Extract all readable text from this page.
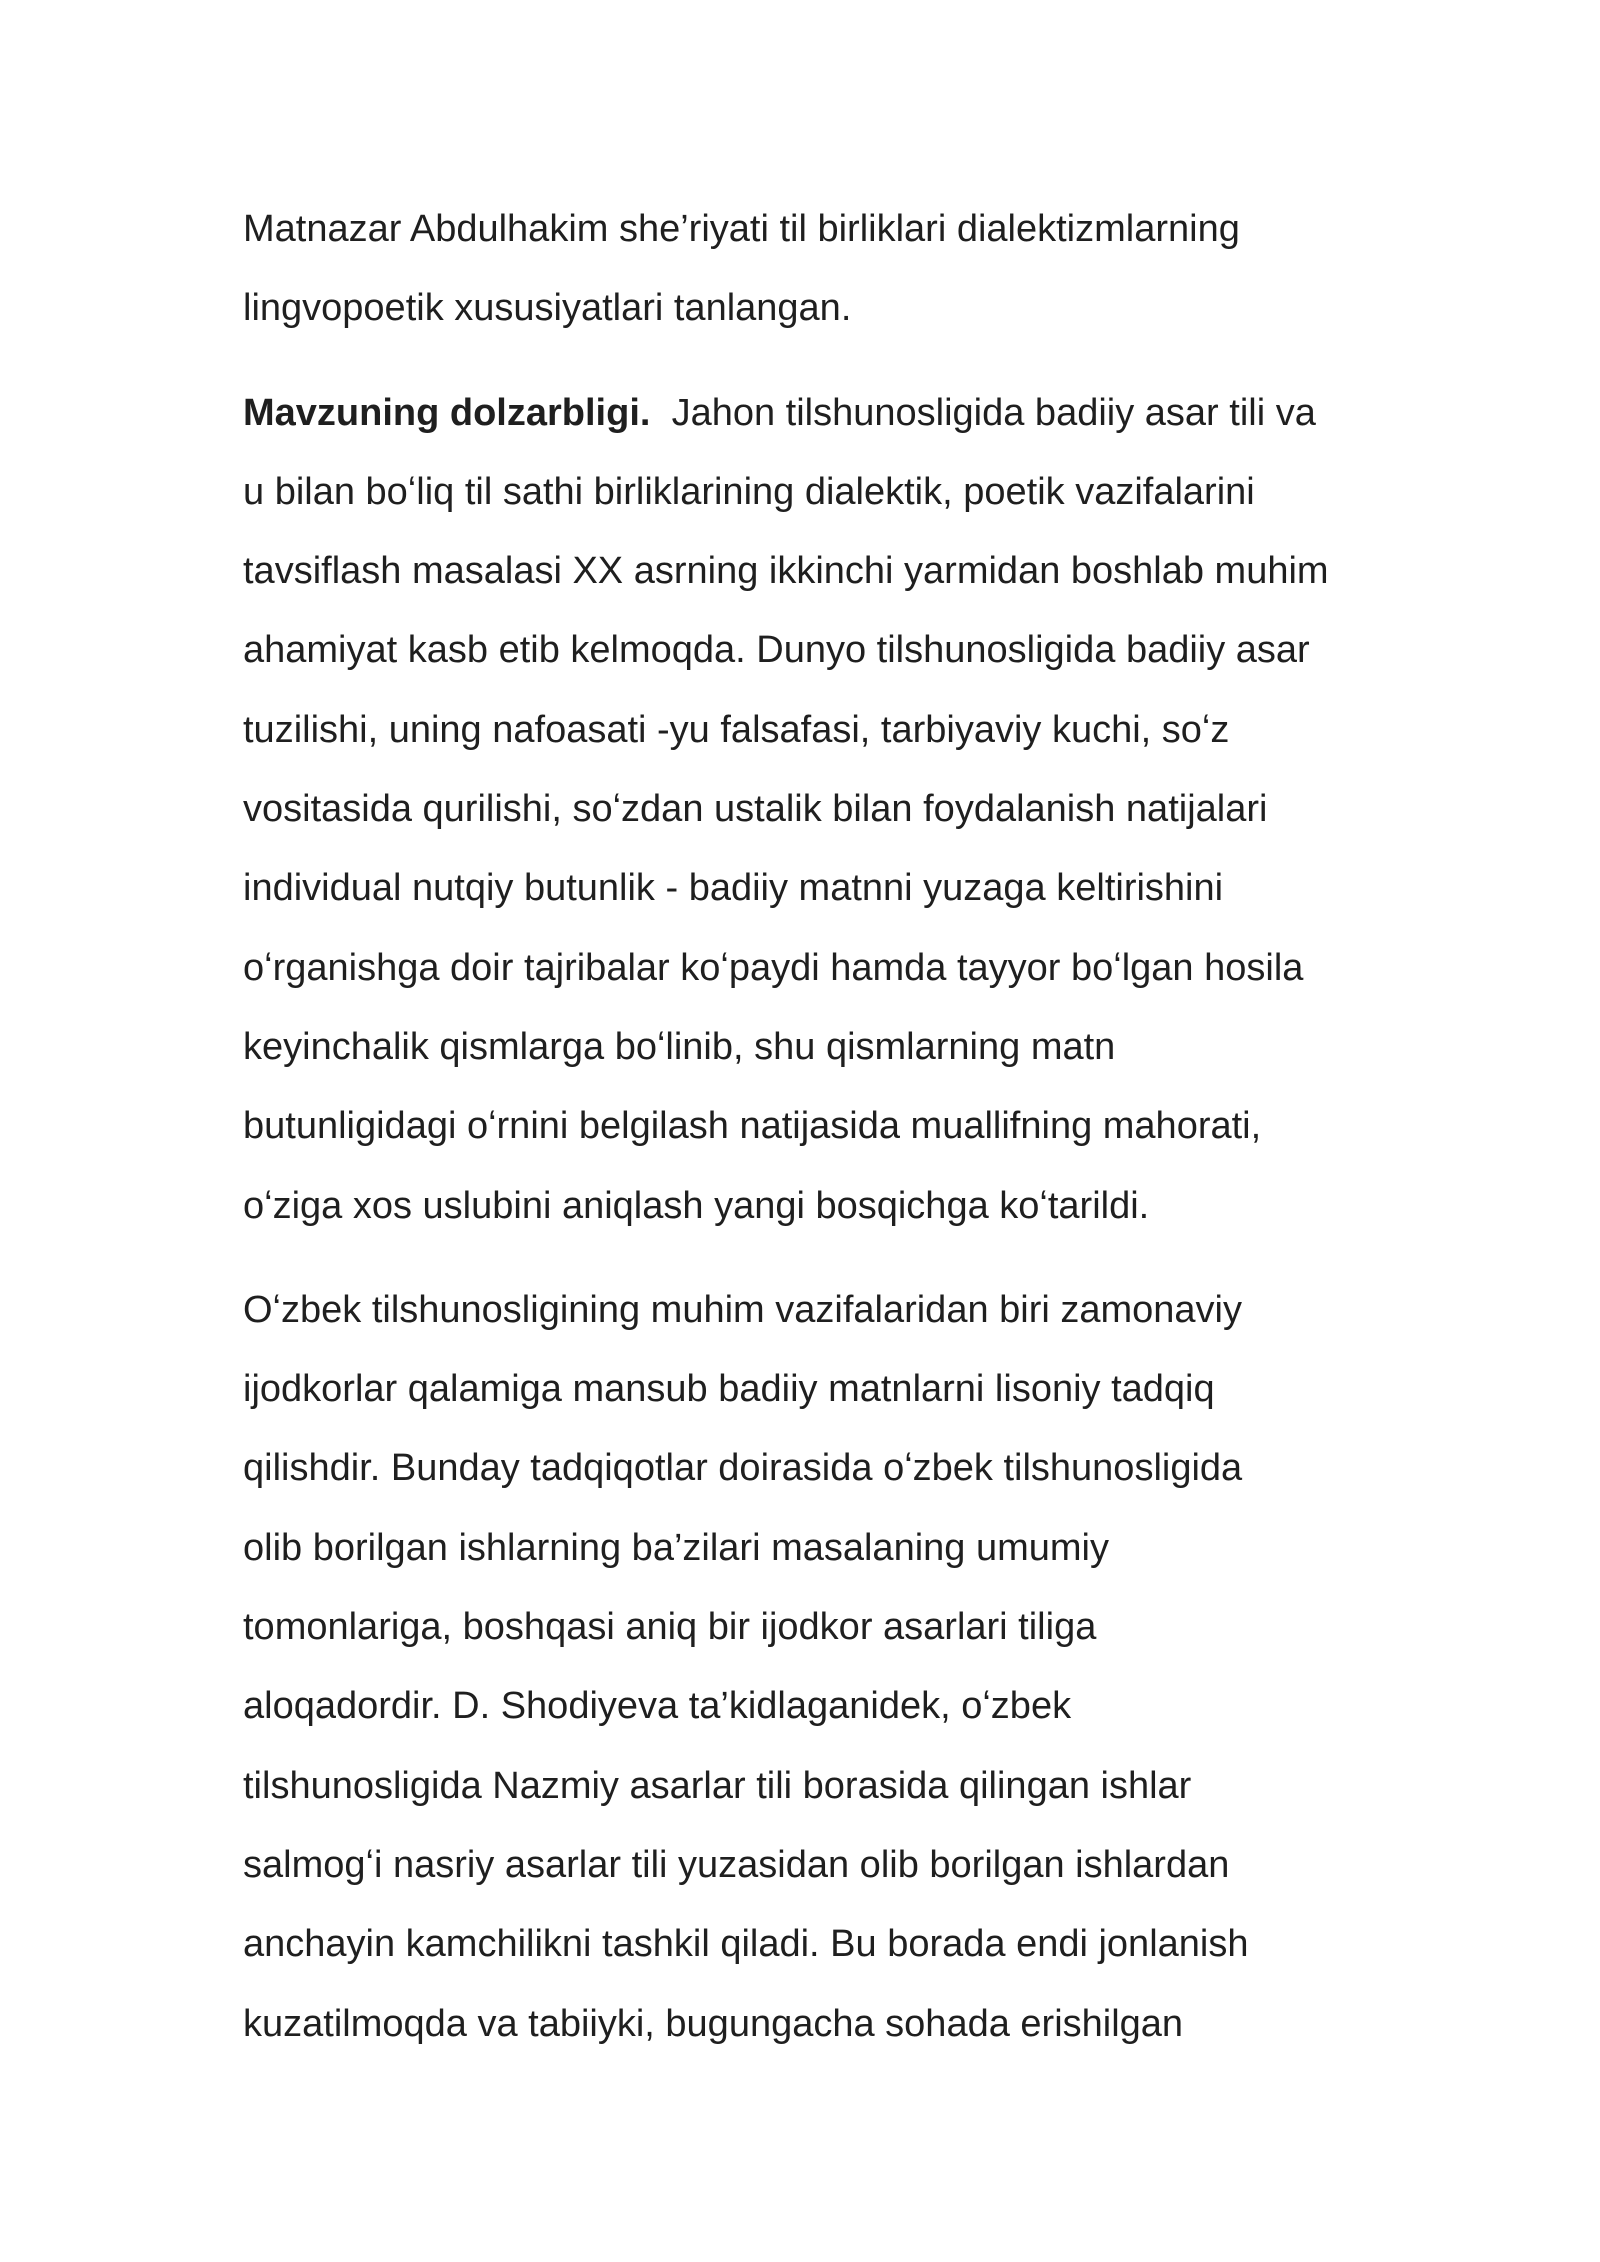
Matnazar Abdulhakim she’riyati til birliklari dialektizmlarning
lingvopoetik xususiyatlari tanlangan.

Mavzuning dolzarbligi. Jahon tilshunosligida badiiy asar tili va
u bilan boʻliq til sathi birliklarining dialektik, poetik vazifalarini
tavsiflash masalasi XX asrning ikkinchi yarmidan boshlab muhim
ahamiyat kasb etib kelmoqda. Dunyo tilshunosligida badiiy asar
tuzilishi, uning nafoasati -yu falsafasi, tarbiyaviy kuchi, soʻz
vositasida qurilishi, soʻzdan ustalik bilan foydalanish natijalari
individual nutqiy butunlik - badiiy matnni yuzaga keltirishini
oʻrganishga doir tajribalar koʻpaydi hamda tayyor boʻlgan hosila
keyinchalik qismlarga boʻlinib, shu qismlarning matn
butunligidagi oʻrnini belgilash natijasida muallifning mahorati,
oʻziga xos uslubini aniqlash yangi bosqichga koʻtarildi.

Oʻzbek tilshunosligining muhim vazifalaridan biri zamonaviy
ijodkorlar qalamiga mansub badiiy matnlarni lisoniy tadqiq
qilishdir. Bunday tadqiqotlar doirasida oʻzbek tilshunosligida
olib borilgan ishlarning ba’zilari masalaning umumiy
tomonlariga, boshqasi aniq bir ijodkor asarlari tiliga
aloqadordir. D. Shodiyeva ta’kidlaganidek, oʻzbek
tilshunosligida Nazmiy asarlar tili borasida qilingan ishlar
salmogʻi nasriy asarlar tili yuzasidan olib borilgan ishlardan
anchayin kamchilikni tashkil qiladi. Bu borada endi jonlanish
kuzatilmoqda va tabiiyki, bugungacha sohada erishilgan
